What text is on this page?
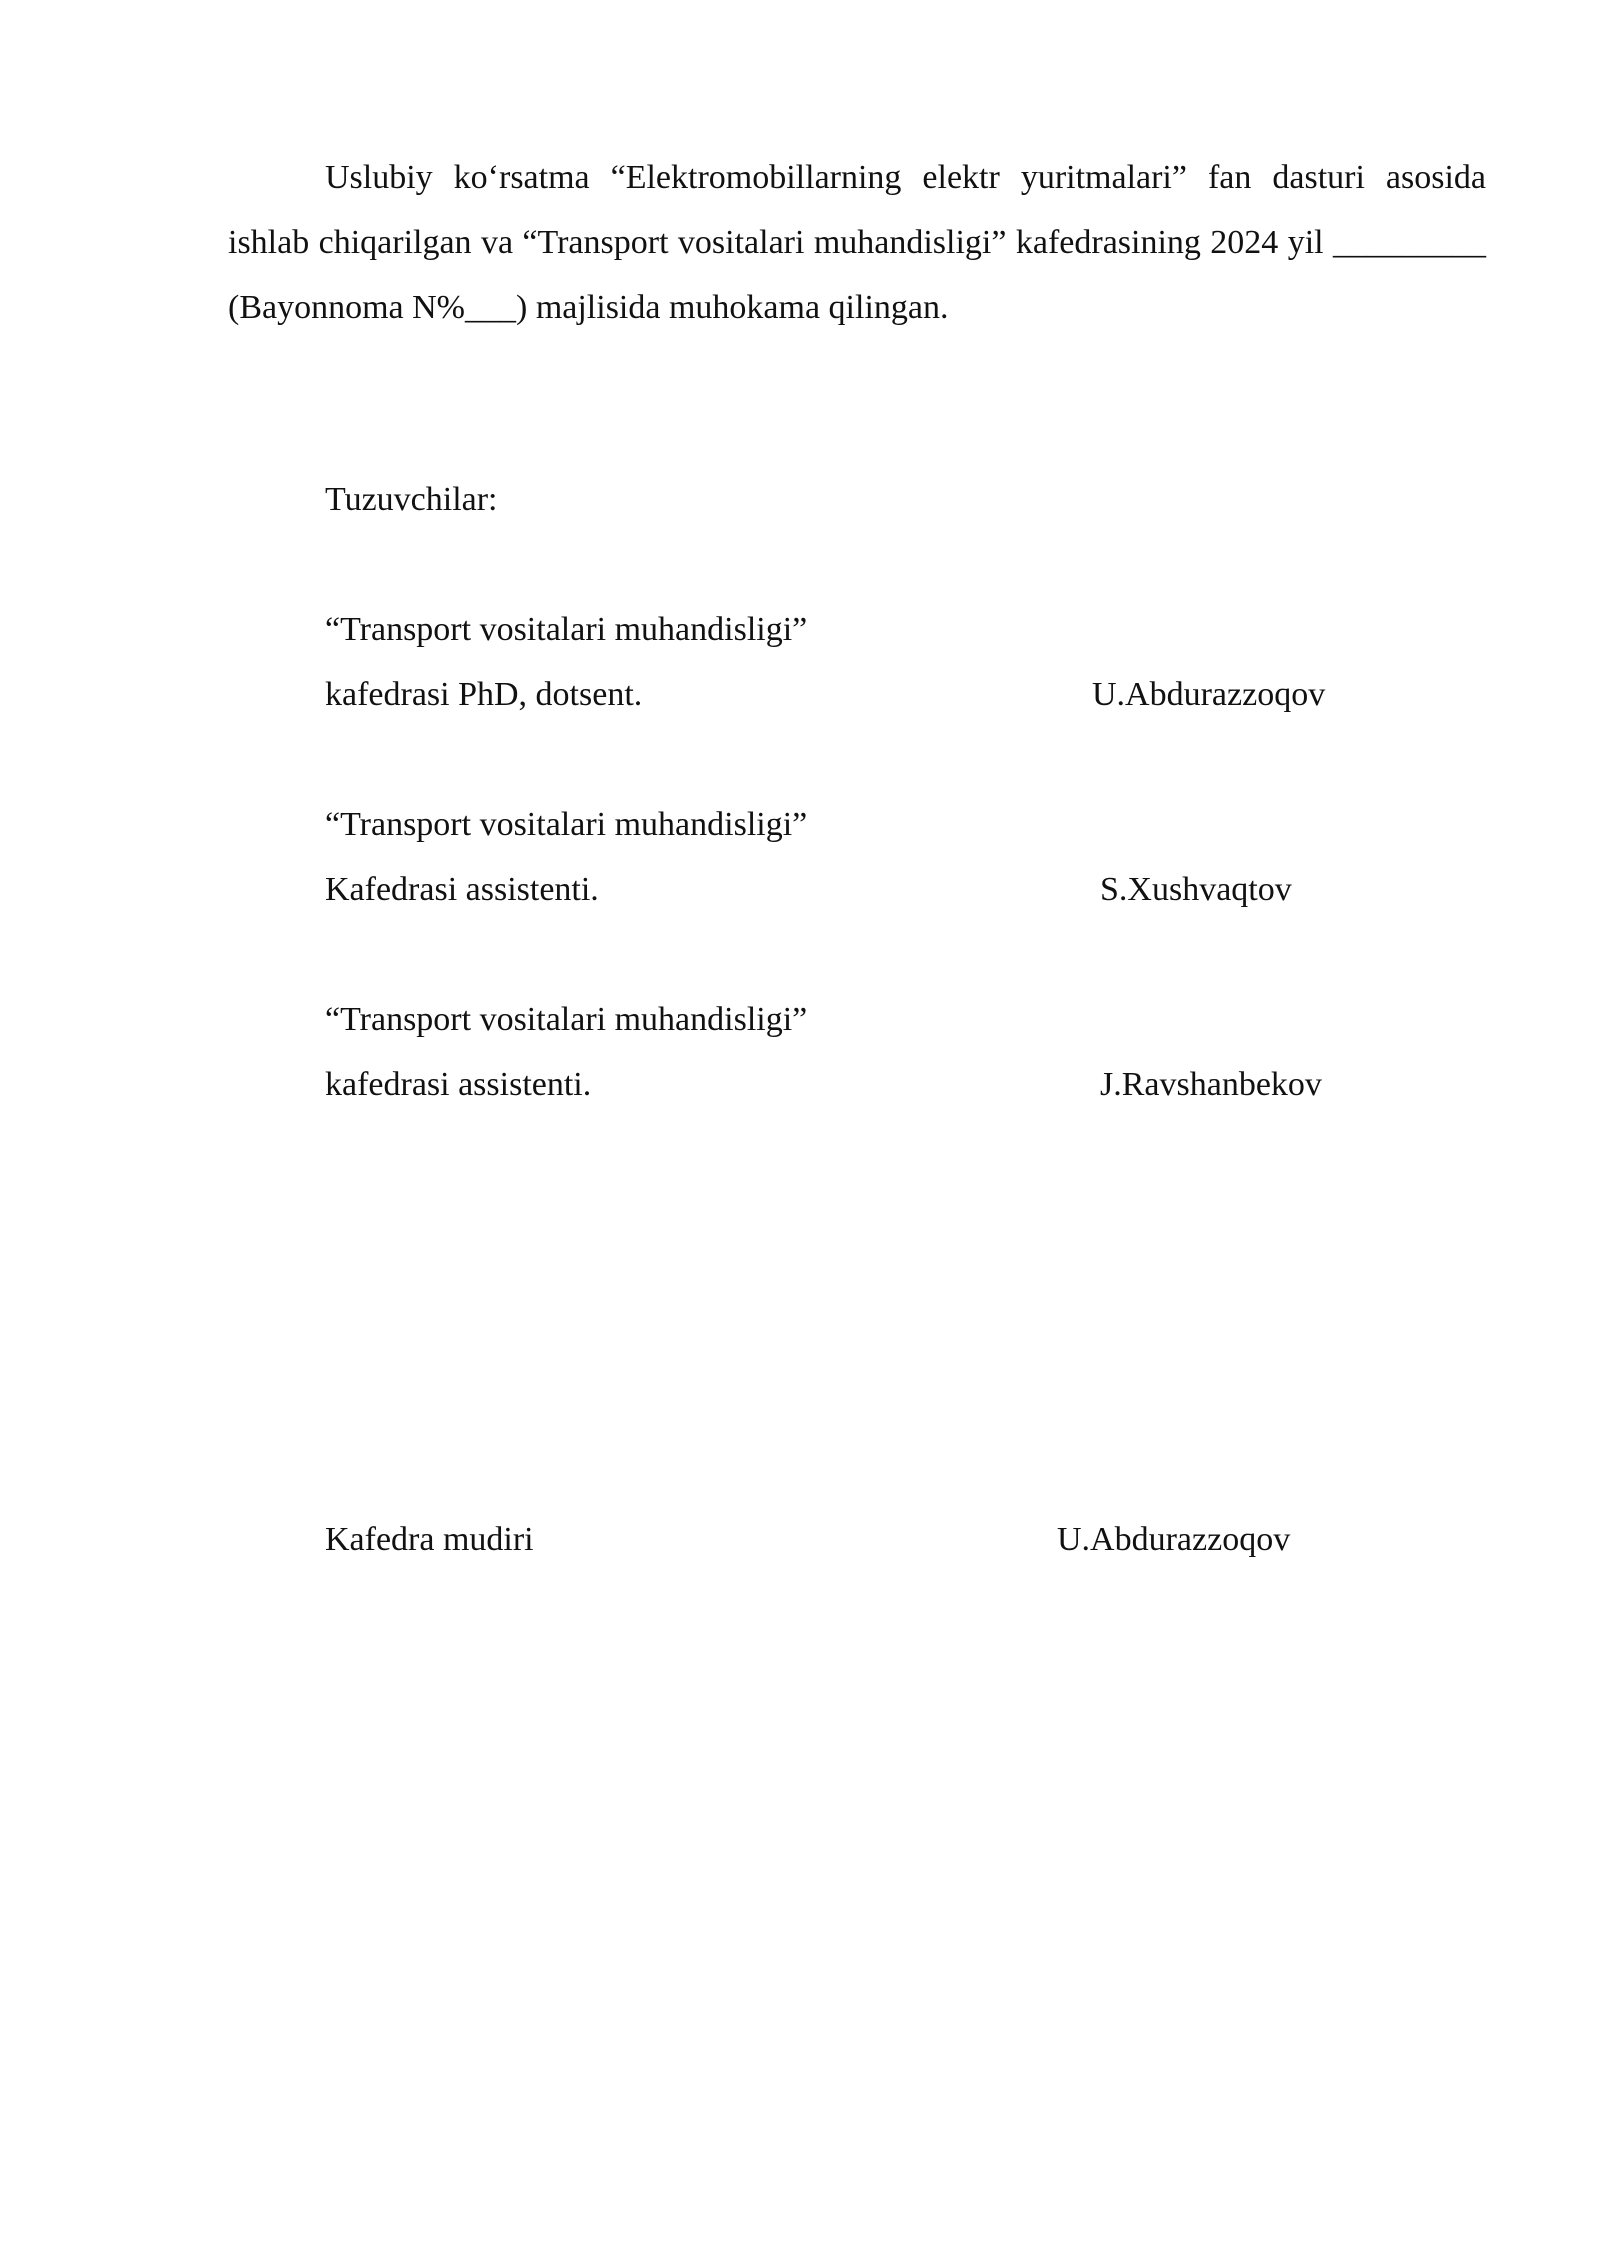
Uslubiy ko‘rsatma “Elektromobillarning elektr yuritmalari” fan dasturi asosida ishlab chiqarilgan va “Transport vositalari muhandisligi” kafedrasining 2024 yil _________ (Bayonnoma N%___) majlisida muhokama qilingan.

Tuzuvchilar:

“Transport vositalari muhandisligi”

kafedrasi PhD, dotsent.	U.Abdurazzoqov

“Transport vositalari muhandisligi”

Kafedrasi assistenti.	S.Xushvaqtov

“Transport vositalari muhandisligi”

kafedrasi assistenti.	J.Ravshanbekov

Kafedra mudiri	U.Abdurazzoqov
